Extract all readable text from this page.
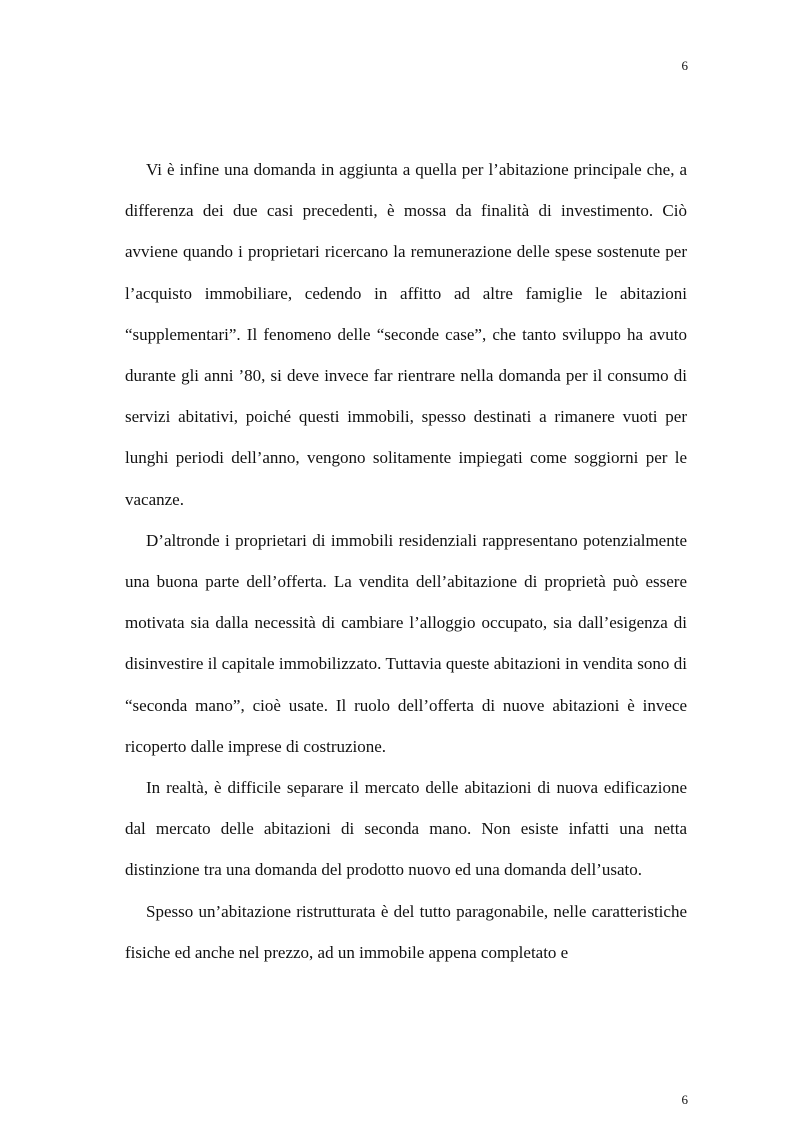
6

Vi è infine una domanda in aggiunta a quella per l’abitazione principale che, a differenza dei due casi precedenti, è mossa da finalità di investimento. Ciò avviene quando i proprietari ricercano la remunerazione delle spese sostenute per l’acquisto immobiliare, cedendo in affitto ad altre famiglie le abitazioni “supplementari”. Il fenomeno delle “seconde case”, che tanto sviluppo ha avuto durante gli anni ’80, si deve invece far rientrare nella domanda per il consumo di servizi abitativi, poiché questi immobili, spesso destinati a rimanere vuoti per lunghi periodi dell’anno, vengono solitamente impiegati come soggiorni per le vacanze.

D’altronde i proprietari di immobili residenziali rappresentano potenzialmente una buona parte dell’offerta. La vendita dell’abitazione di proprietà può essere motivata sia dalla necessità di cambiare l’alloggio occupato, sia dall’esigenza di disinvestire il capitale immobilizzato. Tuttavia queste abitazioni in vendita sono di “seconda mano”, cioè usate. Il ruolo dell’offerta di nuove abitazioni è invece ricoperto dalle imprese di costruzione.

In realtà, è difficile separare il mercato delle abitazioni di nuova edificazione dal mercato delle abitazioni di seconda mano. Non esiste infatti una netta distinzione tra una domanda del prodotto nuovo ed una domanda dell’usato.

Spesso un’abitazione ristrutturata è del tutto paragonabile, nelle caratteristiche fisiche ed anche nel prezzo, ad un immobile appena completato e

6
